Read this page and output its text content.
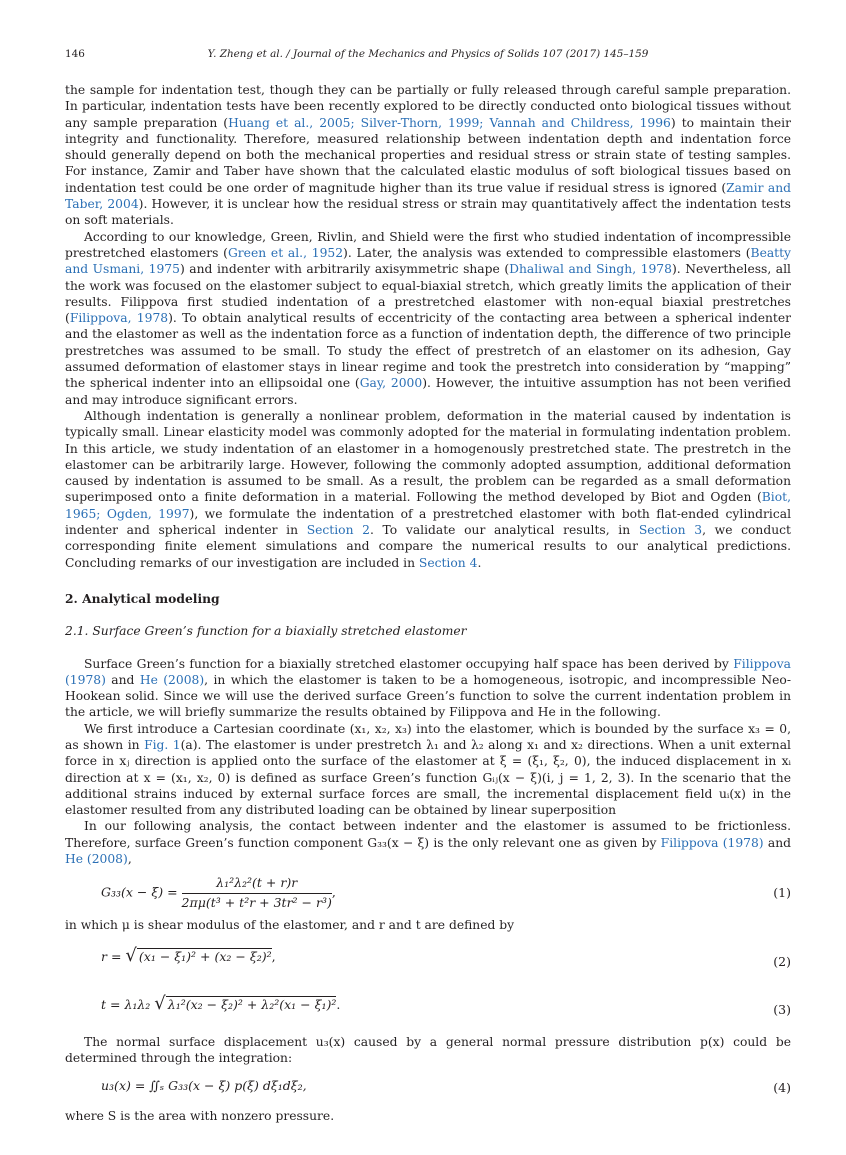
146	Y. Zheng et al. / Journal of the Mechanics and Physics of Solids 107 (2017) 145–159

the sample for indentation test, though they can be partially or fully released through careful sample preparation. In particular, indentation tests have been recently explored to be directly conducted onto biological tissues without any sample preparation (Huang et al., 2005; Silver-Thorn, 1999; Vannah and Childress, 1996) to maintain their integrity and functionality. Therefore, measured relationship between indentation depth and indentation force should generally depend on both the mechanical properties and residual stress or strain state of testing samples. For instance, Zamir and Taber have shown that the calculated elastic modulus of soft biological tissues based on indentation test could be one order of magnitude higher than its true value if residual stress is ignored (Zamir and Taber, 2004). However, it is unclear how the residual stress or strain may quantitatively affect the indentation tests on soft materials.

According to our knowledge, Green, Rivlin, and Shield were the first who studied indentation of incompressible prestretched elastomers (Green et al., 1952). Later, the analysis was extended to compressible elastomers (Beatty and Usmani, 1975) and indenter with arbitrarily axisymmetric shape (Dhaliwal and Singh, 1978). Nevertheless, all the work was focused on the elastomer subject to equal-biaxial stretch, which greatly limits the application of their results. Filippova first studied indentation of a prestretched elastomer with non-equal biaxial prestretches (Filippova, 1978). To obtain analytical results of eccentricity of the contacting area between a spherical indenter and the elastomer as well as the indentation force as a function of indentation depth, the difference of two principle prestretches was assumed to be small. To study the effect of prestretch of an elastomer on its adhesion, Gay assumed deformation of elastomer stays in linear regime and took the prestretch into consideration by “mapping” the spherical indenter into an ellipsoidal one (Gay, 2000). However, the intuitive assumption has not been verified and may introduce significant errors.

Although indentation is generally a nonlinear problem, deformation in the material caused by indentation is typically small. Linear elasticity model was commonly adopted for the material in formulating indentation problem. In this article, we study indentation of an elastomer in a homogenously prestretched state. The prestretch in the elastomer can be arbitrarily large. However, following the commonly adopted assumption, additional deformation caused by indentation is assumed to be small. As a result, the problem can be regarded as a small deformation superimposed onto a finite deformation in a material. Following the method developed by Biot and Ogden (Biot, 1965; Ogden, 1997), we formulate the indentation of a prestretched elastomer with both flat-ended cylindrical indenter and spherical indenter in Section 2. To validate our analytical results, in Section 3, we conduct corresponding finite element simulations and compare the numerical results to our analytical predictions. Concluding remarks of our investigation are included in Section 4.

2. Analytical modeling

2.1. Surface Green’s function for a biaxially stretched elastomer

Surface Green’s function for a biaxially stretched elastomer occupying half space has been derived by Filippova (1978) and He (2008), in which the elastomer is taken to be a homogeneous, isotropic, and incompressible Neo-Hookean solid. Since we will use the derived surface Green’s function to solve the current indentation problem in the article, we will briefly summarize the results obtained by Filippova and He in the following.

We first introduce a Cartesian coordinate (x₁, x₂, x₃) into the elastomer, which is bounded by the surface x₃ = 0, as shown in Fig. 1(a). The elastomer is under prestretch λ₁ and λ₂ along x₁ and x₂ directions. When a unit external force in xⱼ direction is applied onto the surface of the elastomer at ξ = (ξ₁, ξ₂, 0), the induced displacement in xᵢ direction at x = (x₁, x₂, 0) is defined as surface Green’s function Gᵢⱼ(x − ξ)(i, j = 1, 2, 3). In the scenario that the additional strains induced by external surface forces are small, the incremental displacement field uᵢ(x) in the elastomer resulted from any distributed loading can be obtained by linear superposition

In our following analysis, the contact between indenter and the elastomer is assumed to be frictionless. Therefore, surface Green’s function component G₃₃(x − ξ) is the only relevant one as given by Filippova (1978) and He (2008),

$G_{33}(x - \xi) = \frac{\text{λ₁²λ₂²(t + r)r}}{\text{2πμ(t³ + t²r + 3tr² − r³)}}$ ,	(1)

in which μ is shear modulus of the elastomer, and r and t are defined by

r = √ (x₁ − ξ₁)² + (x₂ − ξ₂)²,	(2)
t = λ₁λ₂ √ λ₁²(x₂ − ξ₂)² + λ₂²(x₁ − ξ₁)².	(3)

The normal surface displacement u₃(x) caused by a general normal pressure distribution p(x) could be determined through the integration:

u₃(x) = ∬ₛ G₃₃(x − ξ) p(ξ) dξ₁dξ₂,	(4)

where S is the area with nonzero pressure.
